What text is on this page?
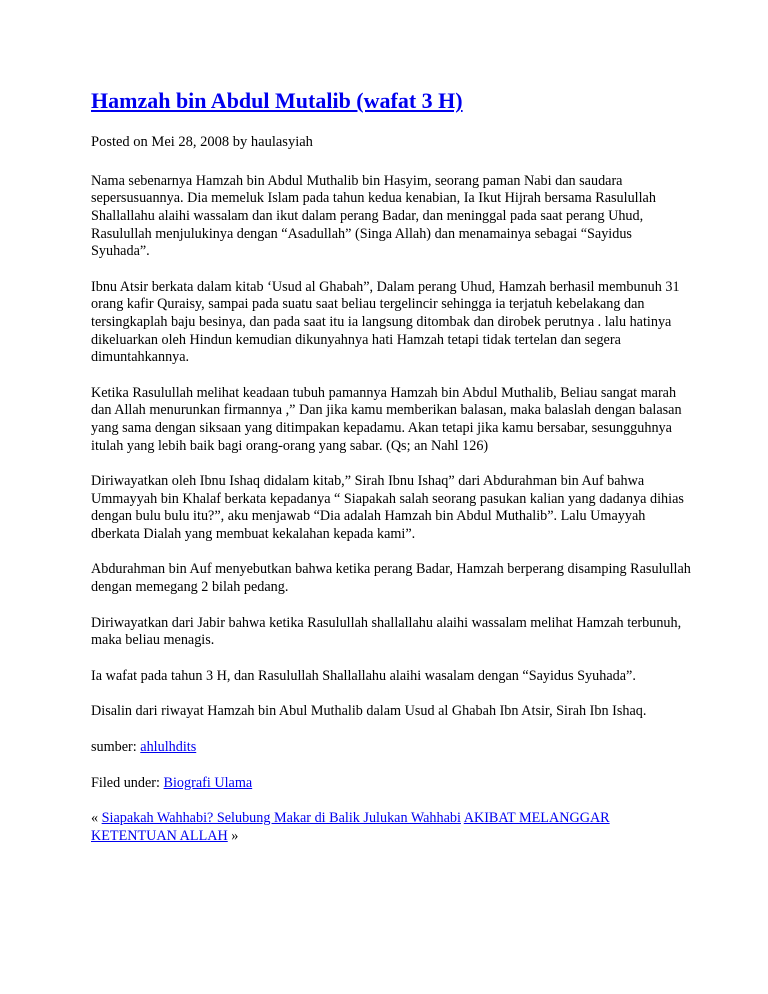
Hamzah bin Abdul Mutalib (wafat 3 H)
Posted on Mei 28, 2008 by haulasyiah

Nama sebenarnya Hamzah bin Abdul Muthalib bin Hasyim, seorang paman Nabi dan saudara sepersusuannya. Dia memeluk Islam pada tahun kedua kenabian, Ia Ikut Hijrah bersama Rasulullah Shallallahu alaihi wassalam dan ikut dalam perang Badar, dan meninggal pada saat perang Uhud, Rasulullah menjulukinya dengan “Asadullah” (Singa Allah) dan menamainya sebagai “Sayidus Syuhada”.

Ibnu Atsir berkata dalam kitab ‘Usud al Ghabah”, Dalam perang Uhud, Hamzah berhasil membunuh 31 orang kafir Quraisy, sampai pada suatu saat beliau tergelincir sehingga ia terjatuh kebelakang dan tersingkaplah baju besinya, dan pada saat itu ia langsung ditombak dan dirobek perutnya . lalu hatinya dikeluarkan oleh Hindun kemudian dikunyahnya hati Hamzah tetapi tidak tertelan dan segera dimuntahkannya.

Ketika Rasulullah melihat keadaan tubuh pamannya Hamzah bin Abdul Muthalib, Beliau sangat marah dan Allah menurunkan firmannya ,” Dan jika kamu memberikan balasan, maka balaslah dengan balasan yang sama dengan siksaan yang ditimpakan kepadamu. Akan tetapi jika kamu bersabar, sesungguhnya itulah yang lebih baik bagi orang-orang yang sabar. (Qs; an Nahl 126)

Diriwayatkan oleh Ibnu Ishaq didalam kitab,” Sirah Ibnu Ishaq” dari Abdurahman bin Auf bahwa Ummayyah bin Khalaf berkata kepadanya “ Siapakah salah seorang pasukan kalian yang dadanya dihias dengan bulu bulu itu?”, aku menjawab “Dia adalah Hamzah bin Abdul Muthalib”. Lalu Umayyah dberkata Dialah yang membuat kekalahan kepada kami”.

Abdurahman bin Auf menyebutkan bahwa ketika perang Badar, Hamzah berperang disamping Rasulullah dengan memegang 2 bilah pedang.

Diriwayatkan dari Jabir bahwa ketika Rasulullah shallallahu alaihi wassalam melihat Hamzah terbunuh, maka beliau menagis.

Ia wafat pada tahun 3 H, dan Rasulullah Shallallahu alaihi wasalam dengan “Sayidus Syuhada”.

Disalin dari riwayat Hamzah bin Abul Muthalib dalam Usud al Ghabah Ibn Atsir, Sirah Ibn Ishaq.

sumber: ahlulhdits

Filed under: Biografi Ulama

« Siapakah Wahhabi? Selubung Makar di Balik Julukan Wahhabi AKIBAT MELANGGAR KETENTUAN ALLAH »
